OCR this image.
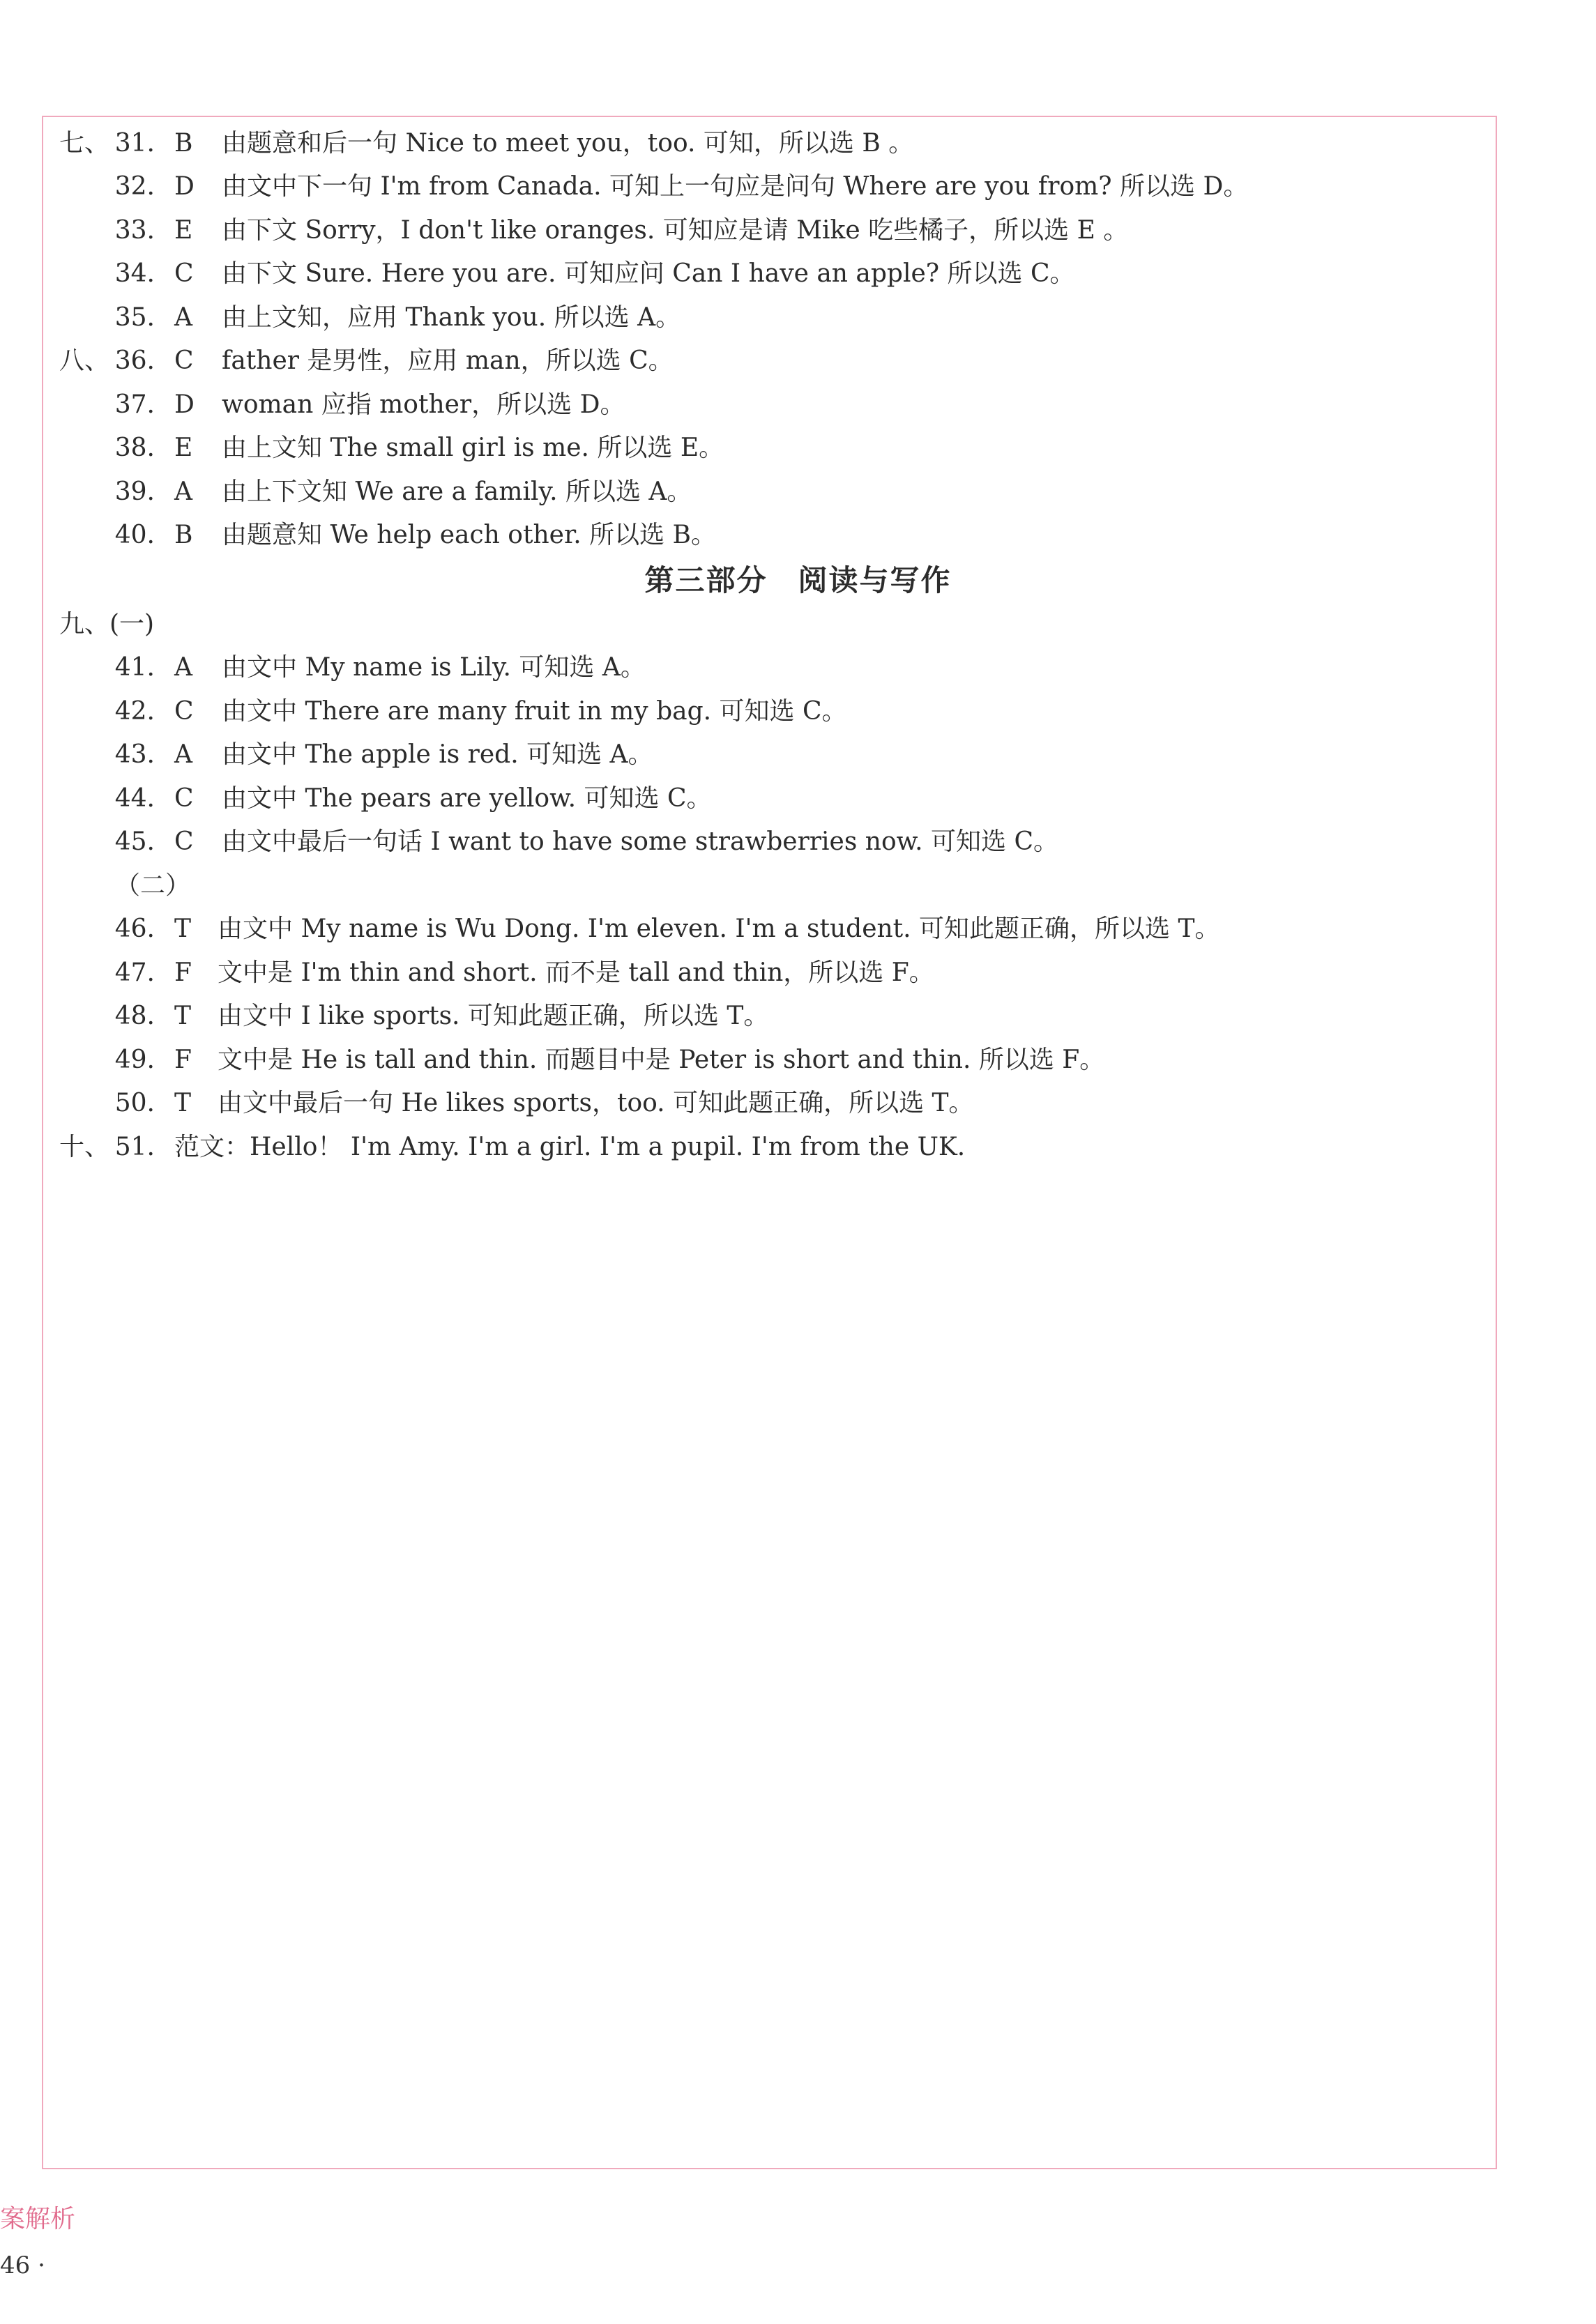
七、 31. B	由题意和后一句 Nice to meet you，too. 可知，所以选 B 。
32. D	由文中下一句 I'm from Canada. 可知上一句应是问句 Where are you from? 所以选 D。
33. E	由下文 Sorry，I don't like oranges. 可知应是请 Mike 吃些橘子，所以选 E 。
34. C	由下文 Sure. Here you are. 可知应问 Can I have an apple? 所以选 C。
35. A	由上文知，应用 Thank you. 所以选 A。
八、 36. C	father 是男性，应用 man，所以选 C。
37. D	woman 应指 mother，所以选 D。
38. E	由上文知 The small girl is me. 所以选 E。
39. A	由上下文知 We are a family. 所以选 A。
40. B	由题意知 We help each other. 所以选 B。
第三部分　阅读与写作
九、(一)
41. A	由文中 My name is Lily. 可知选 A。
42. C	由文中 There are many fruit in my bag. 可知选 C。
43. A	由文中 The apple is red. 可知选 A。
44. C	由文中 The pears are yellow. 可知选 C。
45. C	由文中最后一句话 I want to have some strawberries now. 可知选 C。
（二）
46. T	由文中 My name is Wu Dong. I'm eleven. I'm a student. 可知此题正确，所以选 T。
47. F	文中是 I'm thin and short. 而不是 tall and thin，所以选 F。
48. T	由文中 I like sports. 可知此题正确，所以选 T。
49. F	文中是 He is tall and thin. 而题目中是 Peter is short and thin. 所以选 F。
50. T	由文中最后一句 He likes sports，too. 可知此题正确，所以选 T。
十、 51. 范文：Hello！ I'm Amy. I'm a girl. I'm a pupil. I'm from the UK.
案解析
46 ·
